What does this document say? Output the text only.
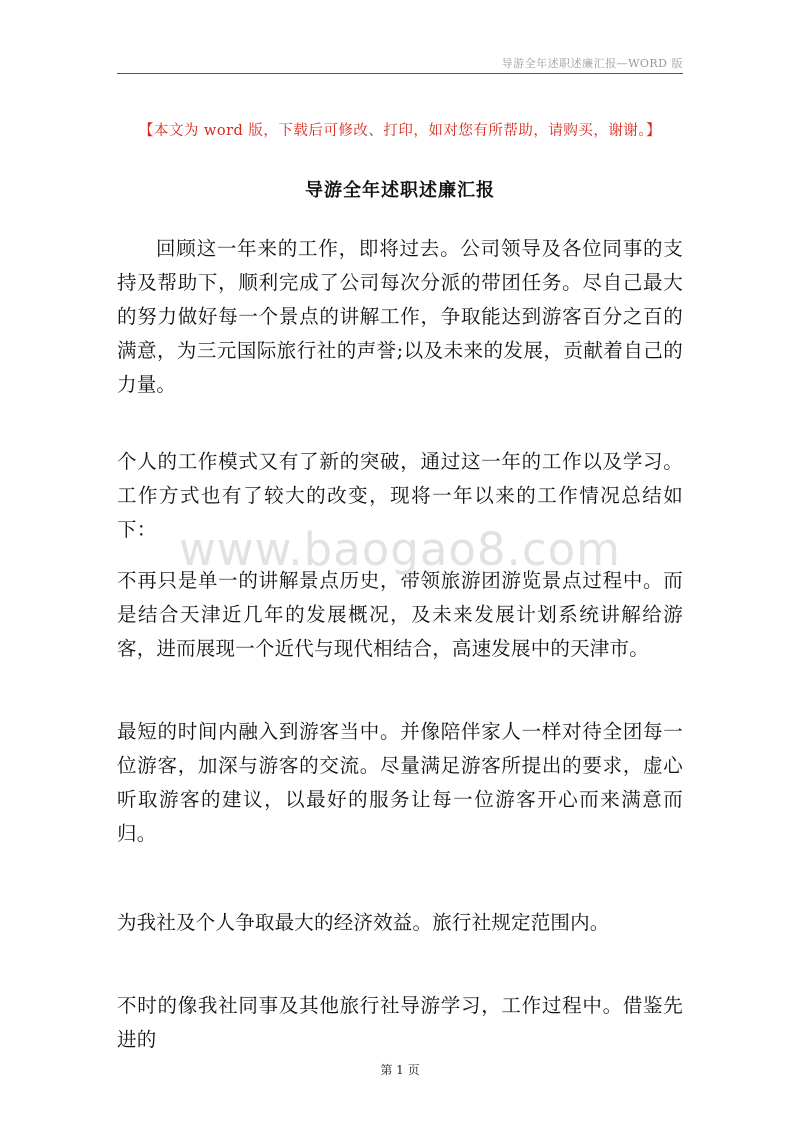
导游全年述职述廉汇报—WORD 版
【本文为 word 版，下载后可修改、打印，如对您有所帮助，请购买，谢谢。】
导游全年述职述廉汇报

回顾这一年来的工作，即将过去。公司领导及各位同事的支持及帮助下，顺利完成了公司每次分派的带团任务。尽自己最大的努力做好每一个景点的讲解工作，争取能达到游客百分之百的满意，为三元国际旅行社的声誉;以及未来的发展，贡献着自己的力量。

个人的工作模式又有了新的突破，通过这一年的工作以及学习。工作方式也有了较大的改变，现将一年以来的工作情况总结如下：

不再只是单一的讲解景点历史，带领旅游团游览景点过程中。而是结合天津近几年的发展概况，及未来发展计划系统讲解给游客，进而展现一个近代与现代相结合，高速发展中的天津市。

最短的时间内融入到游客当中。并像陪伴家人一样对待全团每一位游客，加深与游客的交流。尽量满足游客所提出的要求，虚心听取游客的建议，以最好的服务让每一位游客开心而来满意而归。

为我社及个人争取最大的经济效益。旅行社规定范围内。

不时的像我社同事及其他旅行社导游学习，工作过程中。借鉴先进的

www.baogao8.com
第 1 页
